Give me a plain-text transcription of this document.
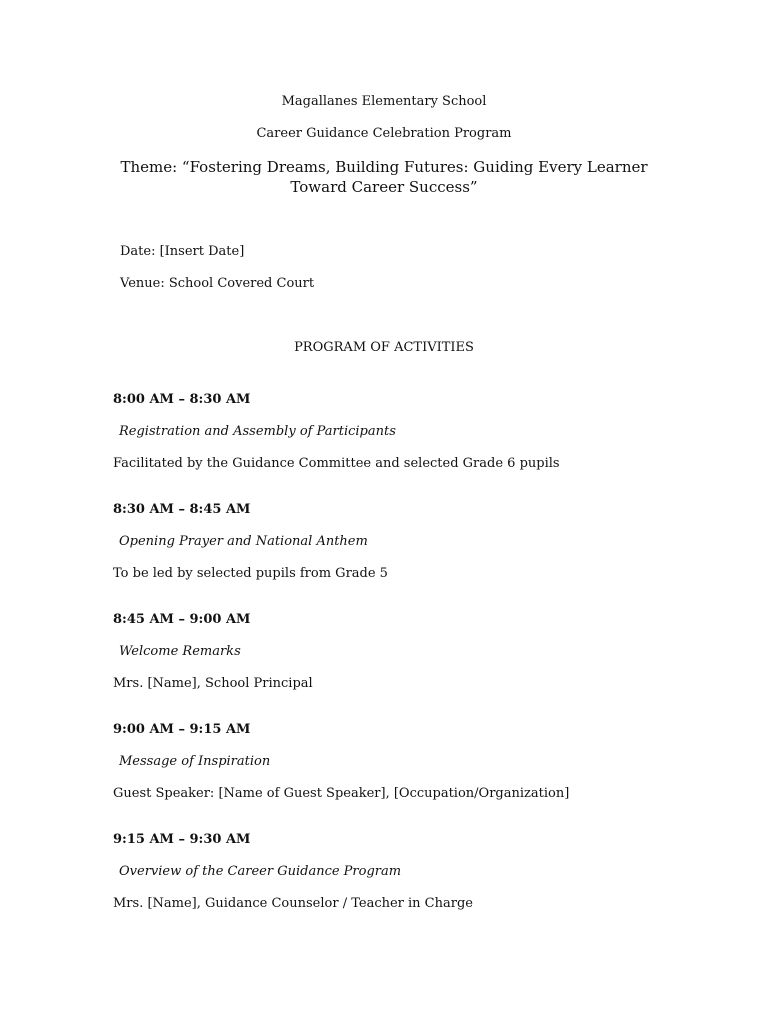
Magallanes Elementary School
Career Guidance Celebration Program
Theme: “Fostering Dreams, Building Futures: Guiding Every Learner Toward Career Success”
Date: [Insert Date]
Venue: School Covered Court
PROGRAM OF ACTIVITIES
8:00 AM – 8:30 AM
Registration and Assembly of Participants
Facilitated by the Guidance Committee and selected Grade 6 pupils
8:30 AM – 8:45 AM
Opening Prayer and National Anthem
To be led by selected pupils from Grade 5
8:45 AM – 9:00 AM
Welcome Remarks
Mrs. [Name], School Principal
9:00 AM – 9:15 AM
Message of Inspiration
Guest Speaker: [Name of Guest Speaker], [Occupation/Organization]
9:15 AM – 9:30 AM
Overview of the Career Guidance Program
Mrs. [Name], Guidance Counselor / Teacher in Charge
